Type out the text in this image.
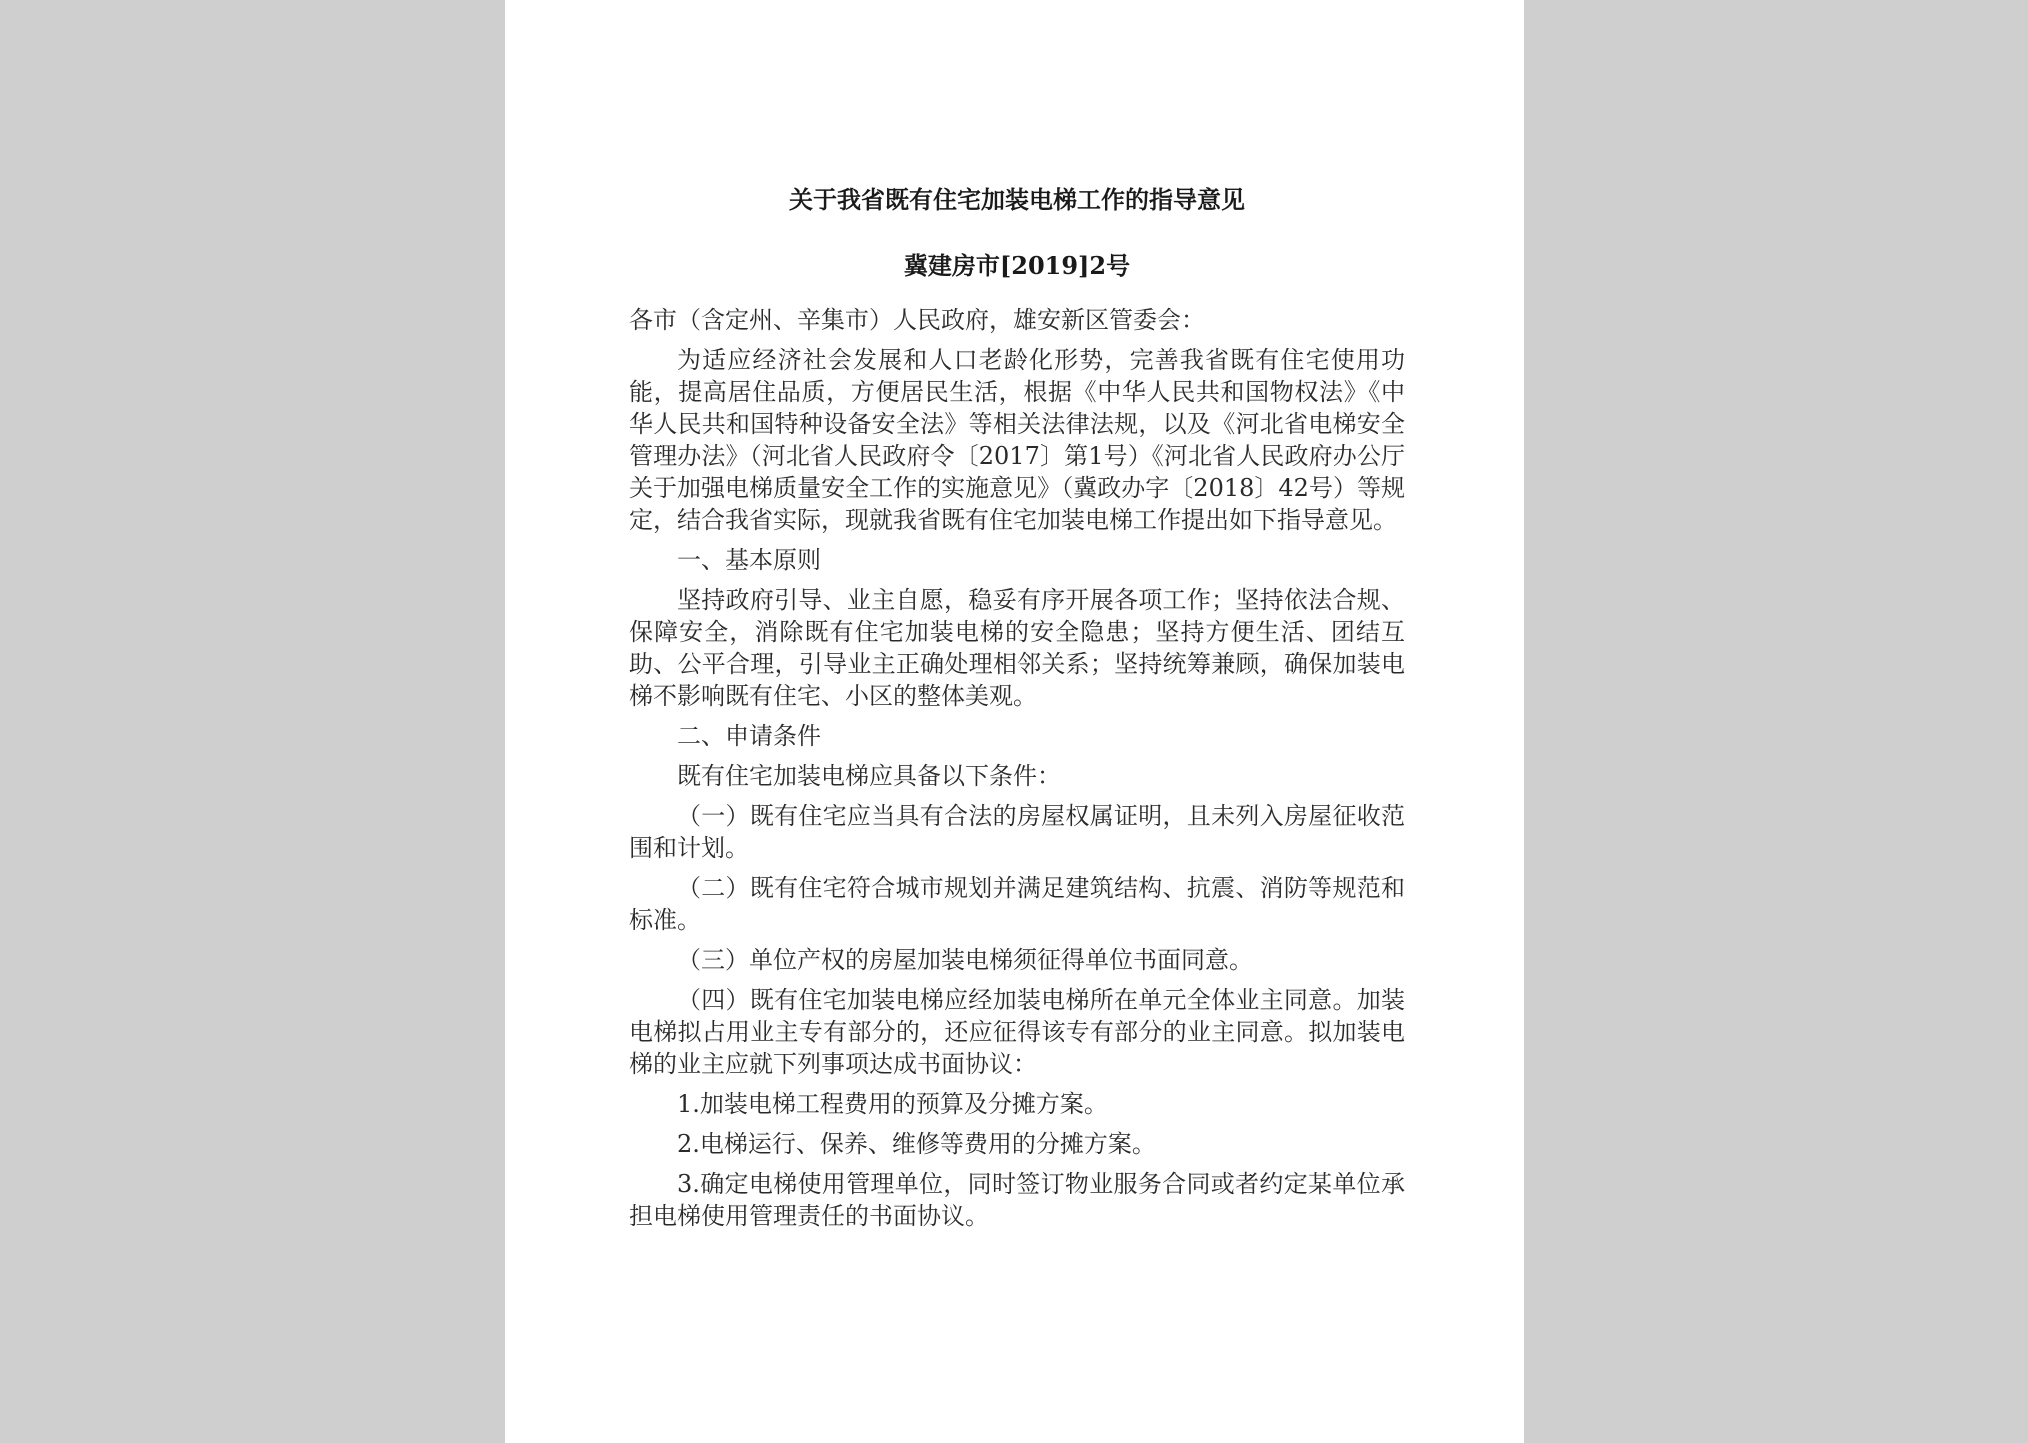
关于我省既有住宅加装电梯工作的指导意见
冀建房市[2019]2号
各市（含定州、辛集市）人民政府，雄安新区管委会：

为适应经济社会发展和人口老龄化形势，完善我省既有住宅使用功能，提高居住品质，方便居民生活，根据《中华人民共和国物权法》《中华人民共和国特种设备安全法》等相关法律法规，以及《河北省电梯安全管理办法》（河北省人民政府令〔2017〕第1号）《河北省人民政府办公厅关于加强电梯质量安全工作的实施意见》（冀政办字〔2018〕42号）等规定，结合我省实际，现就我省既有住宅加装电梯工作提出如下指导意见。

一、基本原则

坚持政府引导、业主自愿，稳妥有序开展各项工作；坚持依法合规、保障安全，消除既有住宅加装电梯的安全隐患；坚持方便生活、团结互助、公平合理，引导业主正确处理相邻关系；坚持统筹兼顾，确保加装电梯不影响既有住宅、小区的整体美观。

二、申请条件

既有住宅加装电梯应具备以下条件：

（一）既有住宅应当具有合法的房屋权属证明，且未列入房屋征收范围和计划。

（二）既有住宅符合城市规划并满足建筑结构、抗震、消防等规范和标准。

（三）单位产权的房屋加装电梯须征得单位书面同意。

（四）既有住宅加装电梯应经加装电梯所在单元全体业主同意。加装电梯拟占用业主专有部分的，还应征得该专有部分的业主同意。拟加装电梯的业主应就下列事项达成书面协议：

1.加装电梯工程费用的预算及分摊方案。

2.电梯运行、保养、维修等费用的分摊方案。

3.确定电梯使用管理单位，同时签订物业服务合同或者约定某单位承担电梯使用管理责任的书面协议。
